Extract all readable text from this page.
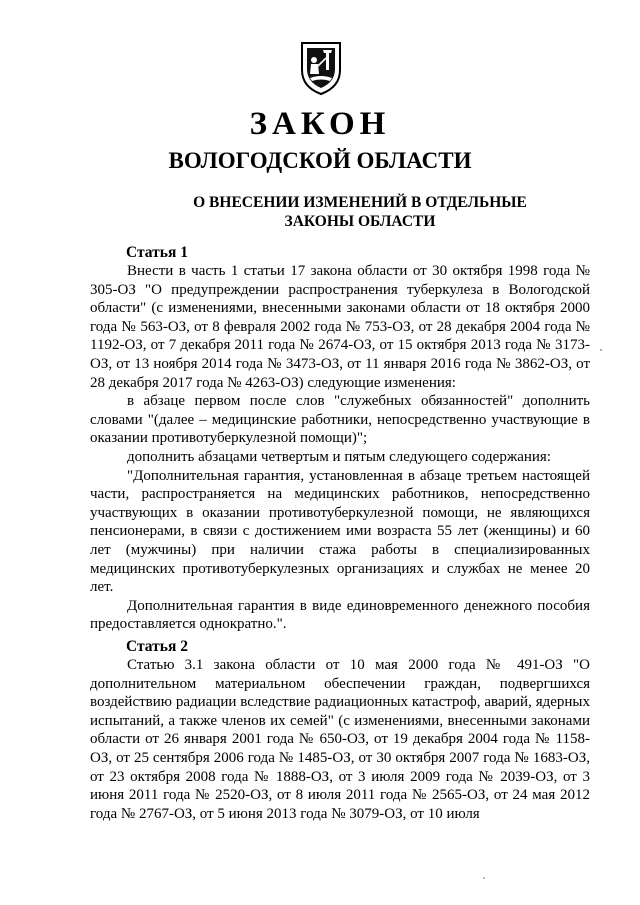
ЗАКОН
ВОЛОГОДСКОЙ ОБЛАСТИ
О ВНЕСЕНИИ ИЗМЕНЕНИЙ В ОТДЕЛЬНЫЕ ЗАКОНЫ ОБЛАСТИ
Статья 1

Внести в часть 1 статьи 17 закона области от 30 октября 1998 года № 305-ОЗ "О предупреждении распространения туберкулеза в Вологодской области" (с изменениями, внесенными законами области от 18 октября 2000 года № 563-ОЗ, от 8 февраля 2002 года № 753-ОЗ, от 28 декабря 2004 года № 1192-ОЗ, от 7 декабря 2011 года № 2674-ОЗ, от 15 октября 2013 года № 3173-ОЗ, от 13 ноября 2014 года № 3473-ОЗ, от 11 января 2016 года № 3862-ОЗ, от 28 декабря 2017 года № 4263-ОЗ) следующие изменения:

в абзаце первом после слов "служебных обязанностей" дополнить словами "(далее – медицинские работники, непосредственно участвующие в оказании противотуберкулезной помощи)";

дополнить абзацами четвертым и пятым следующего содержания:

"Дополнительная гарантия, установленная в абзаце третьем настоящей части, распространяется на медицинских работников, непосредственно участвующих в оказании противотуберкулезной помощи, не являющихся пенсионерами, в связи с достижением ими возраста 55 лет (женщины) и 60 лет (мужчины) при наличии стажа работы в специализированных медицинских противотуберкулезных организациях и службах не менее 20 лет.

Дополнительная гарантия в виде единовременного денежного пособия предоставляется однократно.".

Статья 2

Статью 3.1 закона области от 10 мая 2000 года № 491-ОЗ "О дополнительном материальном обеспечении граждан, подвергшихся воздействию радиации вследствие радиационных катастроф, аварий, ядерных испытаний, а также членов их семей" (с изменениями, внесенными законами области от 26 января 2001 года № 650-ОЗ, от 19 декабря 2004 года № 1158-ОЗ, от 25 сентября 2006 года № 1485-ОЗ, от 30 октября 2007 года № 1683-ОЗ, от 23 октября 2008 года № 1888-ОЗ, от 3 июля 2009 года № 2039-ОЗ, от 3 июня 2011 года № 2520-ОЗ, от 8 июля 2011 года № 2565-ОЗ, от 24 мая 2012 года № 2767-ОЗ, от 5 июня 2013 года № 3079-ОЗ, от 10 июля
